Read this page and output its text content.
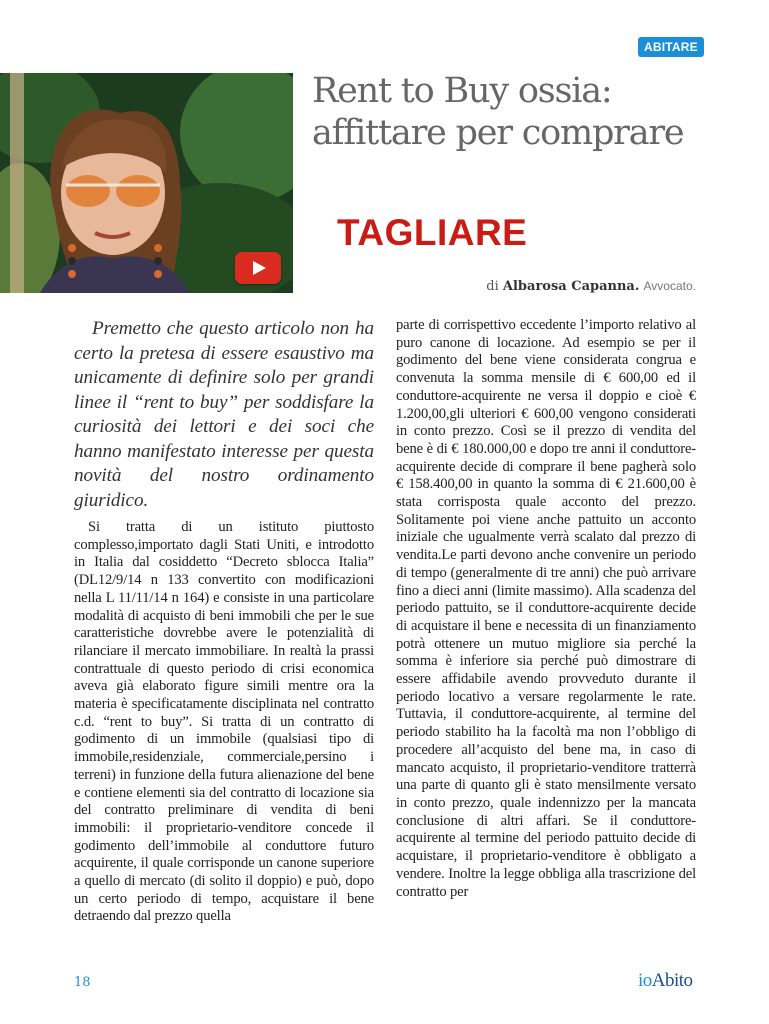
ABITARE
Rent to Buy ossia: affittare per comprare
TAGLIARE
di Albarosa Capanna. Avvocato.

Premetto che questo articolo non ha certo la pretesa di essere esaustivo ma unicamente di definire solo per grandi linee il “rent to buy” per soddisfare la curiosità dei lettori e dei soci che hanno manifestato interesse per questa novità del nostro ordinamento giuridico.

Si tratta di un istituto piuttosto complesso,importato dagli Stati Uniti, e introdotto in Italia dal cosiddetto “Decreto sblocca Italia” (DL12/9/14 n 133 convertito con modificazioni nella L 11/11/14 n 164) e consiste in una particolare modalità di acquisto di beni immobili che per le sue caratteristiche dovrebbe avere le potenzialità di rilanciare il mercato immobiliare. In realtà la prassi contrattuale di questo periodo di crisi economica aveva già elaborato figure simili mentre ora la materia è specificatamente disciplinata nel contratto c.d. “rent to buy”. Si tratta di un contratto di godimento di un immobile (qualsiasi tipo di immobile,residenziale, commerciale,persino i terreni) in funzione della futura alienazione del bene e contiene elementi sia del contratto di locazione sia del contratto preliminare di vendita di beni immobili: il proprietario-venditore concede il godimento dell’immobile al conduttore futuro acquirente, il quale corrisponde un canone superiore a quello di mercato (di solito il doppio) e può, dopo un certo periodo di tempo, acquistare il bene detraendo dal prezzo quella

parte di corrispettivo eccedente l’importo relativo al puro canone di locazione. Ad esempio se per il godimento del bene viene considerata congrua e convenuta la somma mensile di € 600,00 ed il conduttore-acquirente ne versa il doppio e cioè € 1.200,00,gli ulteriori € 600,00 vengono considerati in conto prezzo. Così se il prezzo di vendita del bene è di € 180.000,00 e dopo tre anni il conduttore-acquirente decide di comprare il bene pagherà solo € 158.400,00 in quanto la somma di € 21.600,00 è stata corrisposta quale acconto del prezzo. Solitamente poi viene anche pattuito un acconto iniziale che ugualmente verrà scalato dal prezzo di vendita.Le parti devono anche convenire un periodo di tempo (generalmente di tre anni) che può arrivare fino a dieci anni (limite massimo). Alla scadenza del periodo pattuito, se il conduttore-acquirente decide di acquistare il bene e necessita di un finanziamento potrà ottenere un mutuo migliore sia perché la somma è inferiore sia perché può dimostrare di essere affidabile avendo provveduto durante il periodo locativo a versare regolarmente le rate. Tuttavia, il conduttore-acquirente, al termine del periodo stabilito ha la facoltà ma non l’obbligo di procedere all’acquisto del bene ma, in caso di mancato acquisto, il proprietario-venditore tratterrà una parte di quanto gli è stato mensilmente versato in conto prezzo, quale indennizzo per la mancata conclusione di altri affari. Se il conduttore-acquirente al termine del periodo pattuito decide di acquistare, il proprietario-venditore è obbligato a vendere. Inoltre la legge obbliga alla trascrizione del contratto per

18	ioAbito
